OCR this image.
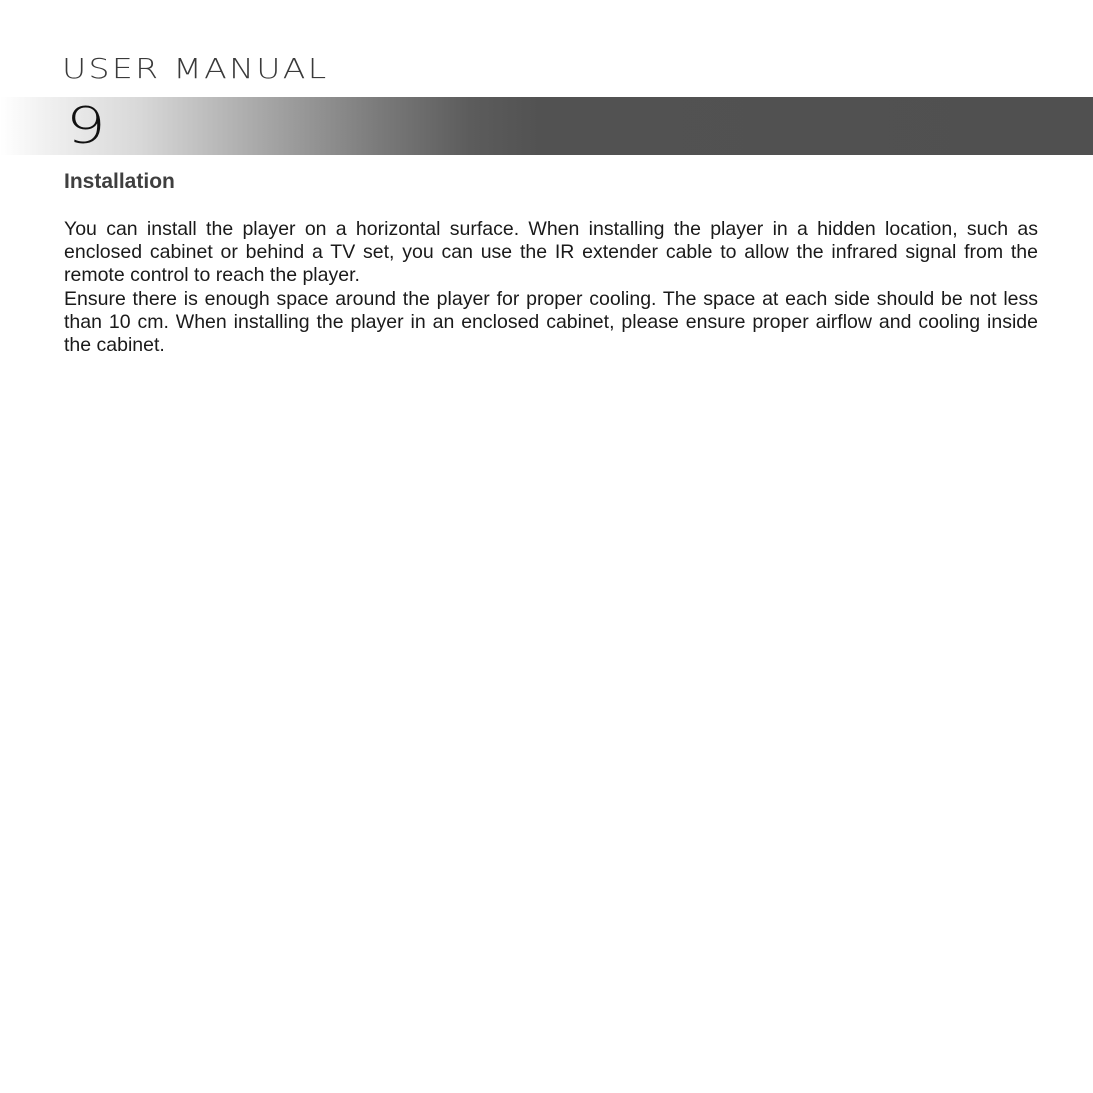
USER MANUAL
9
Installation

You can install the player on a horizontal surface. When installing the player in a hidden location, such as enclosed cabinet or behind a TV set, you can use the IR extender cable to allow the infrared signal from the remote control to reach the player.

Ensure there is enough space around the player for proper cooling. The space at each side should be not less than 10 cm. When installing the player in an enclosed cabinet, please ensure proper airflow and cooling inside the cabinet.
